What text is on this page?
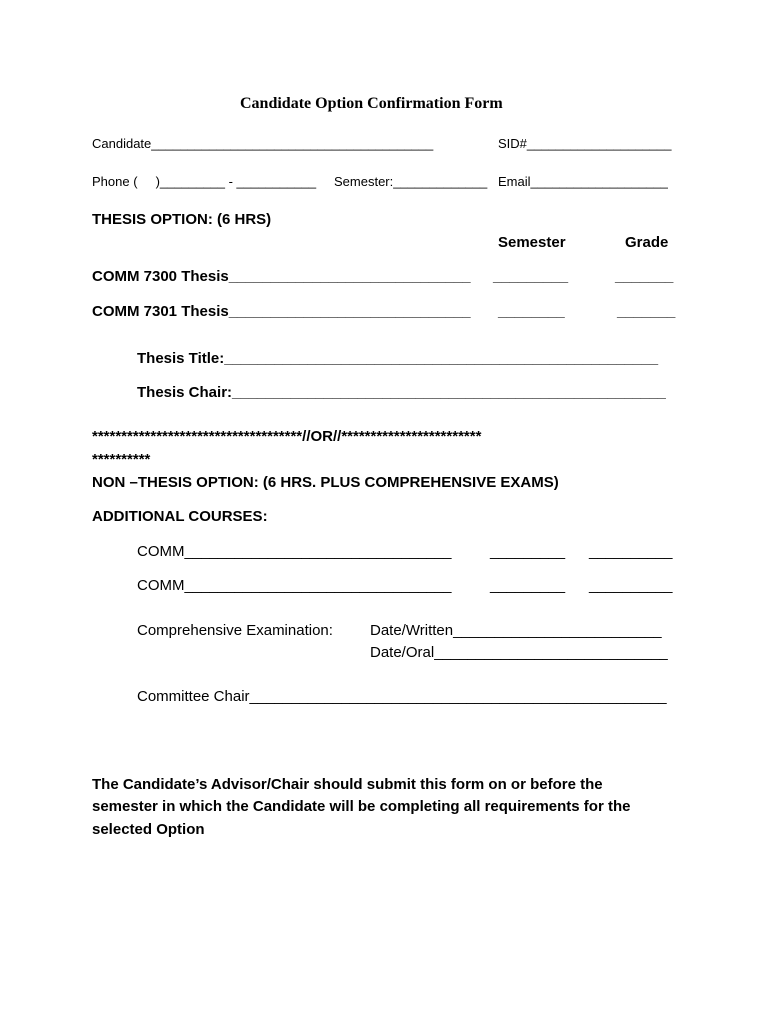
Candidate Option Confirmation Form
Candidate_______________________________________	SID#____________________
Phone (     )_________ - ___________ Semester:_____________ Email___________________
THESIS OPTION: (6 HRS)
Semester	Grade
COMM 7300 Thesis_____________________________ _________	_______
COMM 7301 Thesis_____________________________ ________	_______
Thesis Title:____________________________________________________
Thesis Chair:____________________________________________________
************************************//OR//************************
**********
NON –THESIS OPTION: (6 HRS. PLUS COMPREHENSIVE EXAMS)
ADDITIONAL COURSES:
COMM________________________________	_________ __________
COMM________________________________	_________ __________
Comprehensive Examination: Date/Written_________________________
Date/Oral____________________________
Committee Chair__________________________________________________
The Candidate’s Advisor/Chair should submit this form on or before the
semester in which the Candidate will be completing all requirements for the
selected Option
